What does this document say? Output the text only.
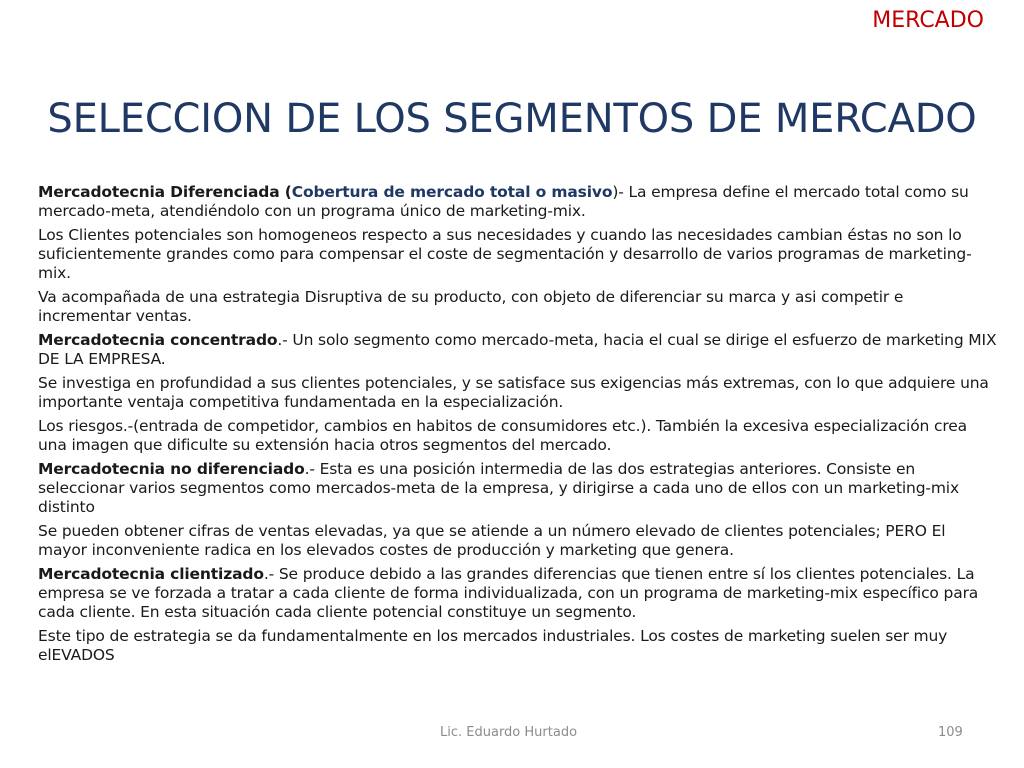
MERCADO
SELECCION DE LOS SEGMENTOS DE MERCADO

Mercadotecnia Diferenciada (Cobertura de mercado total o masivo)- La empresa define el mercado total como su mercado-meta, atendiéndolo con un programa único de marketing-mix.

Los Clientes potenciales son homogeneos respecto a sus necesidades y cuando las necesidades cambian éstas no son lo suficientemente grandes como para compensar el coste de segmentación y desarrollo de varios programas de marketing-mix.

Va acompañada de una estrategia Disruptiva de su producto, con objeto de diferenciar su marca y asi competir e incrementar ventas.

Mercadotecnia concentrado.- Un solo segmento como mercado-meta, hacia el cual se dirige el esfuerzo de marketing MIX DE LA EMPRESA.

Se investiga en profundidad a sus clientes potenciales, y se satisface sus exigencias más extremas, con lo que adquiere una importante ventaja competitiva fundamentada en la especialización.

Los riesgos.-(entrada de competidor, cambios en habitos de consumidores etc.). También la excesiva especialización crea una imagen que dificulte su extensión hacia otros segmentos del mercado.

Mercadotecnia no diferenciado.- Esta es una posición intermedia de las dos estrategias anteriores. Consiste en seleccionar varios segmentos como mercados-meta de la empresa, y dirigirse a cada uno de ellos con un marketing-mix distinto

Se pueden obtener cifras de ventas elevadas, ya que se atiende a un número elevado de clientes potenciales; PERO El mayor inconveniente radica en los elevados costes de producción y marketing que genera.

Mercadotecnia clientizado.- Se produce debido a las grandes diferencias que tienen entre sí los clientes potenciales. La empresa se ve forzada a tratar a cada cliente de forma individualizada, con un programa de marketing-mix específico para cada cliente. En esta situación cada cliente potencial constituye un segmento.

Este tipo de estrategia se da fundamentalmente en los mercados industriales. Los costes de marketing suelen ser muy elEVADOS

Lic. Eduardo Hurtado	109
